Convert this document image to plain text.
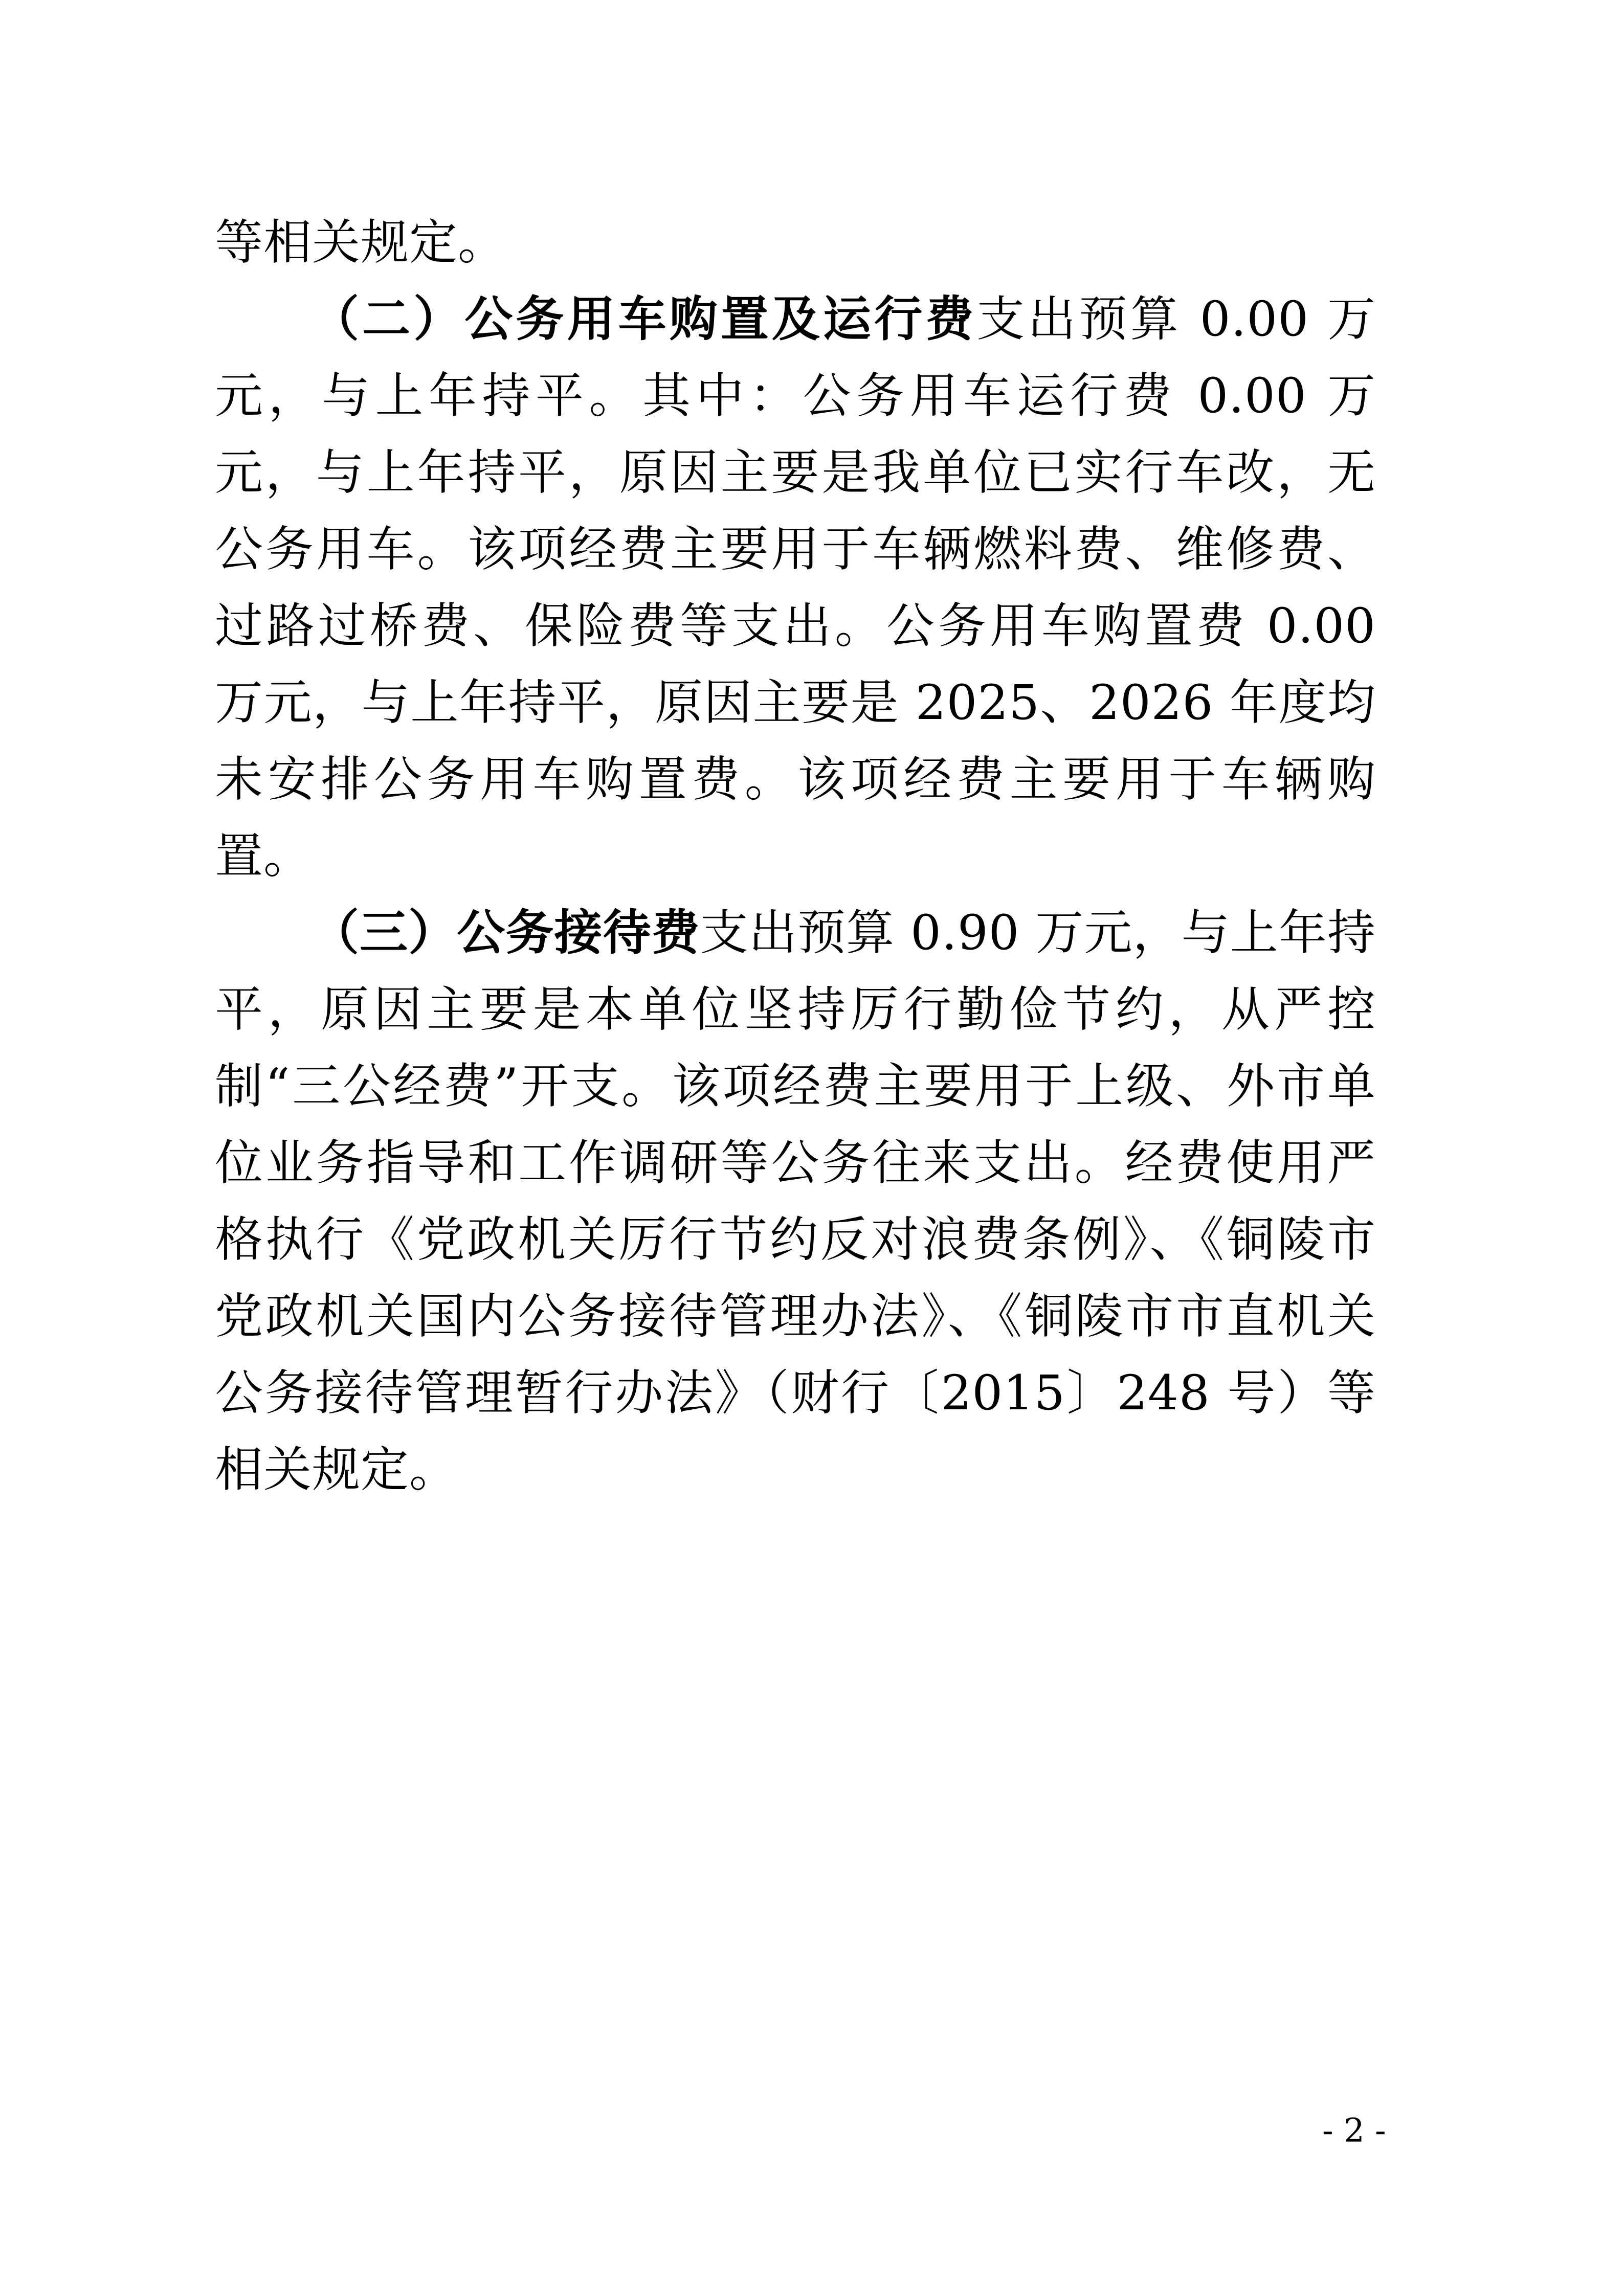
等相关规定。

（二）公务用车购置及运行费支出预算 0.00 万元，与上年持平。其中：公务用车运行费 0.00 万元，与上年持平，原因主要是我单位已实行车改，无公务用车。该项经费主要用于车辆燃料费、维修费、过路过桥费、保险费等支出。公务用车购置费 0.00 万元，与上年持平，原因主要是 2025、2026 年度均未安排公务用车购置费。该项经费主要用于车辆购置。

（三）公务接待费支出预算 0.90 万元，与上年持平，原因主要是本单位坚持厉行勤俭节约，从严控制“三公经费”开支。该项经费主要用于上级、外市单位业务指导和工作调研等公务往来支出。经费使用严格执行《党政机关厉行节约反对浪费条例》、《铜陵市党政机关国内公务接待管理办法》、《铜陵市市直机关公务接待管理暂行办法》（财行〔2015〕248 号）等相关规定。

- 2 -
